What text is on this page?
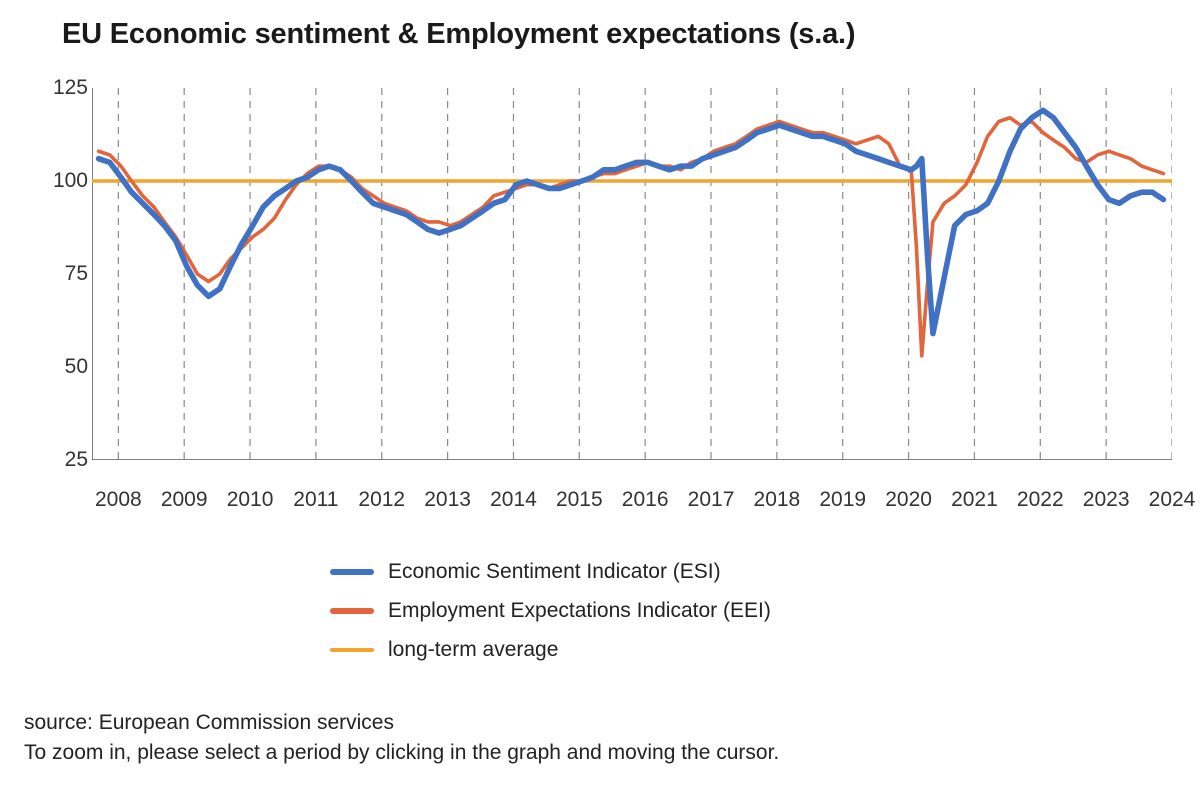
EU Economic sentiment & Employment expectations (s.a.)
125
100
75
50
25
2008 2009 2010 2011 2012 2013 2014 2015 2016 2017 2018 2019 2020 2021 2022 2023 2024
Economic Sentiment Indicator (ESI)
Employment Expectations Indicator (EEI)
long-term average
source: European Commission services
To zoom in, please select a period by clicking in the graph and moving the cursor.
